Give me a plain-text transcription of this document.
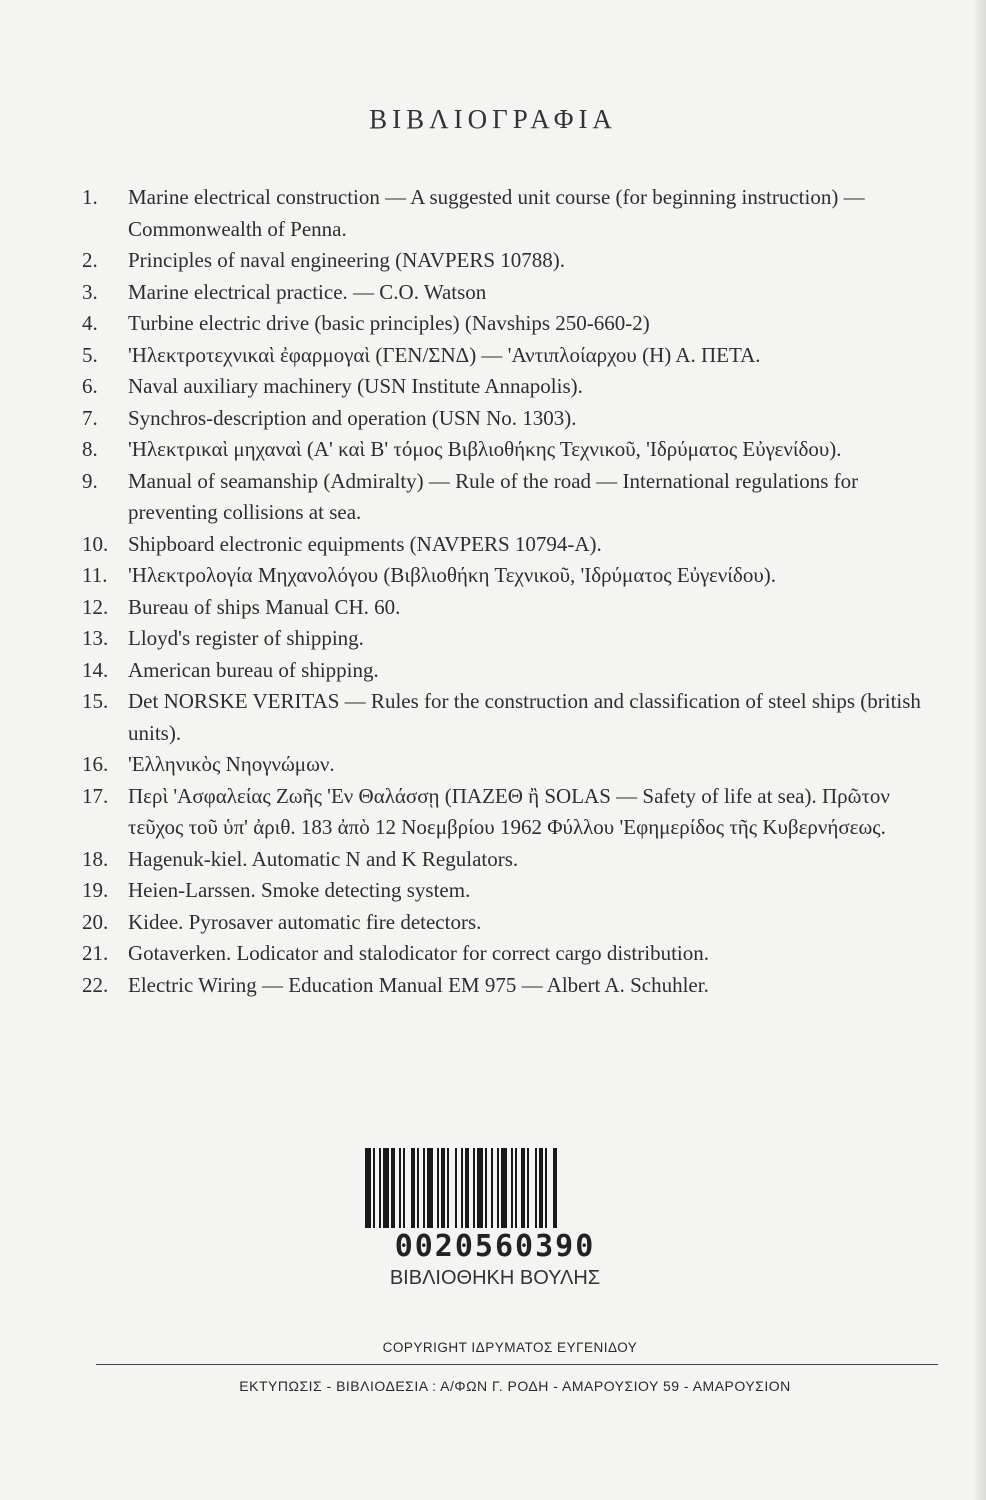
ΒΙΒΛΙΟΓΡΑΦΙΑ
1.	Marine electrical construction — A suggested unit course (for beginning instruction) — Commonwealth of Penna.
2.	Principles of naval engineering (NAVPERS 10788).
3.	Marine electrical practice. — C.O. Watson
4.	Turbine electric drive (basic principles) (Navships 250-660-2)
5.	'Ηλεκτροτεχνικαὶ ἐφαρμογαὶ (ΓΕΝ/ΣΝΔ) — 'Αντιπλοίαρχου (Η) Α. ΠΕΤΑ.
6.	Naval auxiliary machinery (USN Institute Annapolis).
7.	Synchros-description and operation (USN No. 1303).
8.	'Ηλεκτρικαὶ μηχαναὶ (Α' καὶ Β' τόμος Βιβλιοθήκης Τεχνικοῦ, 'Ιδρύματος Εὐγενίδου).
9.	Manual of seamanship (Admiralty) — Rule of the road — International regulations for preventing collisions at sea.
10. Shipboard electronic equipments (NAVPERS 10794-A).
11. 'Ηλεκτρολογία Μηχανολόγου (Βιβλιοθήκη Τεχνικοῦ, 'Ιδρύματος Εὐγενίδου).
12. Bureau of ships Manual CH. 60.
13. Lloyd's register of shipping.
14. American bureau of shipping.
15. Det NORSKE VERITAS — Rules for the construction and classification of steel ships (british units).
16. 'Ελληνικὸς Νηογνώμων.
17. Περὶ 'Ασφαλείας Ζωῆς 'Εν Θαλάσσῃ (ΠΑΖΕΘ ἢ SOLAS — Safety of life at sea). Πρῶτον τεῦχος τοῦ ὑπ' ἀριθ. 183 ἀπὸ 12 Νοεμβρίου 1962 Φύλλου 'Εφημερίδος τῆς Κυβερνήσεως.
18. Hagenuk-kiel. Automatic N and K Regulators.
19. Heien-Larssen. Smoke detecting system.
20. Kidee. Pyrosaver automatic fire detectors.
21. Gotaverken. Lodicator and stalodicator for correct cargo distribution.
22. Electric Wiring — Education Manual EM 975 — Albert A. Schuhler.
0020560390
ΒΙΒΛΙΟΘΗΚΗ ΒΟΥΛΗΣ
COPYRIGHT ΙΔΡΥΜΑΤΟΣ ΕΥΓΕΝΙΔΟΥ
ΕΚΤΥΠΩΣΙΣ - ΒΙΒΛΙΟΔΕΣΙΑ : Α/ΦΩΝ Γ. ΡΟΔΗ - ΑΜΑΡΟΥΣΙΟΥ 59 - ΑΜΑΡΟΥΣΙΟΝ
